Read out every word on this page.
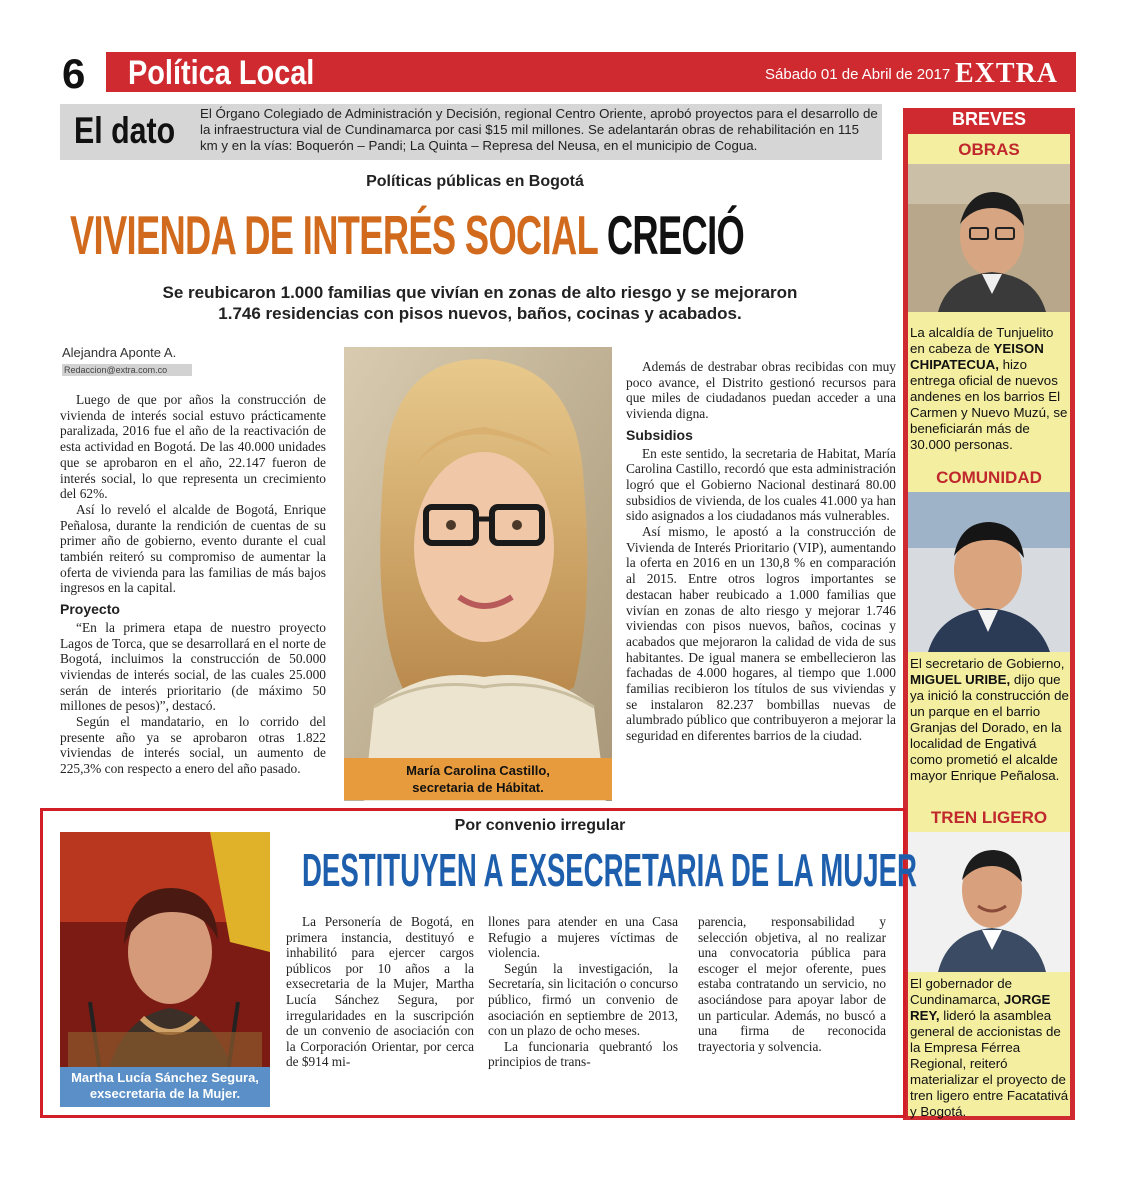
6 Política Local	Sábado 01 de Abril de 2017 EXTRA
El dato El Órgano Colegiado de Administración y Decisión, regional Centro Oriente, aprobó proyectos para el desarrollo de la infraestructura vial de Cundinamarca por casi $15 mil millones. Se adelantarán obras de rehabilitación en 115 km y en la vías: Boquerón – Pandi; La Quinta – Represa del Neusa, en el municipio de Cogua.
Políticas públicas en Bogotá
VIVIENDA DE INTERÉS SOCIAL CRECIÓ
Se reubicaron 1.000 familias que vivían en zonas de alto riesgo y se mejoraron 1.746 residencias con pisos nuevos, baños, cocinas y acabados.
Alejandra Aponte A.
Redaccion@extra.com.co

Luego de que por años la construcción de vivienda de interés social estuvo prácticamente paralizada, 2016 fue el año de la reactivación de esta actividad en Bogotá. De las 40.000 unidades que se aprobaron en el año, 22.147 fueron de interés social, lo que representa un crecimiento del 62%.

Así lo reveló el alcalde de Bogotá, Enrique Peñalosa, durante la rendición de cuentas de su primer año de gobierno, evento durante el cual también reiteró su compromiso de aumentar la oferta de vivienda para las familias de más bajos ingresos en la capital.

Proyecto

“En la primera etapa de nuestro proyecto Lagos de Torca, que se desarrollará en el norte de Bogotá, incluimos la construcción de 50.000 viviendas de interés social, de las cuales 25.000 serán de interés prioritario (de máximo 50 millones de pesos)”, destacó.

Según el mandatario, en lo corrido del presente año ya se aprobaron otras 1.822 viviendas de interés social, un aumento de 225,3% con respecto a enero del año pasado.	María Carolina Castillo,
secretaria de Hábitat.

Además de destrabar obras recibidas con muy poco avance, el Distrito gestionó recursos para que miles de ciudadanos puedan acceder a una vivienda digna.

Subsidios

En este sentido, la secretaria de Habitat, María Carolina Castillo, recordó que esta administración logró que el Gobierno Nacional destinará 80.00 subsidios de vivienda, de los cuales 41.000 ya han sido asignados a los ciudadanos más vulnerables.

Así mismo, le apostó a la construcción de Vivienda de Interés Prioritario (VIP), aumentando la oferta en 2016 en un 130,8 % en comparación al 2015. Entre otros logros importantes se destacan haber reubicado a 1.000 familias que vivían en zonas de alto riesgo y mejorar 1.746 viviendas con pisos nuevos, baños, cocinas y acabados que mejoraron la calidad de vida de sus habitantes. De igual manera se embellecieron las fachadas de 4.000 hogares, al tiempo que 1.000 familias recibieron los títulos de sus viviendas y se instalaron 82.237 bombillas nuevas de alumbrado público que contribuyeron a mejorar la seguridad en diferentes barrios de la ciudad.

BREVES
OBRAS
La alcaldía de Tunjuelito en cabeza de YEISON CHIPATECUA, hizo entrega oficial de nuevos andenes en los barrios El Carmen y Nuevo Muzú, se beneficiarán más de 30.000 personas.
COMUNIDAD
El secretario de Gobierno, MIGUEL URIBE, dijo que ya inició la construcción de un parque en el barrio Granjas del Dorado, en la localidad de Engativá como prometió el alcalde mayor Enrique Peñalosa.
TREN LIGERO
El gobernador de Cundinamarca, JORGE REY, lideró la asamblea general de accionistas de la Empresa Férrea Regional, reiteró materializar el proyecto de tren ligero entre Facatativá y Bogotá.
Por convenio irregular
DESTITUYEN A EXSECRETARIA DE LA MUJER
Martha Lucía Sánchez Segura,
exsecretaria de la Mujer.

La Personería de Bogotá, en primera instancia, destituyó e inhabilitó para ejercer cargos públicos por 10 años a la exsecretaria de la Mujer, Martha Lucía Sánchez Segura, por irregularidades en la suscripción de un convenio de asociación con la Corporación Orientar, por cerca de $914 mi-

llones para atender en una Casa Refugio a mujeres víctimas de violencia.

Según la investigación, la Secretaría, sin licitación o concurso público, firmó un convenio de asociación en septiembre de 2013, con un plazo de ocho meses.

La funcionaria quebrantó los principios de trans-

parencia, responsabilidad y selección objetiva, al no realizar una convocatoria pública para escoger el mejor oferente, pues estaba contratando un servicio, no asociándose para apoyar labor de un particular. Además, no buscó a una firma de reconocida trayectoria y solvencia.
